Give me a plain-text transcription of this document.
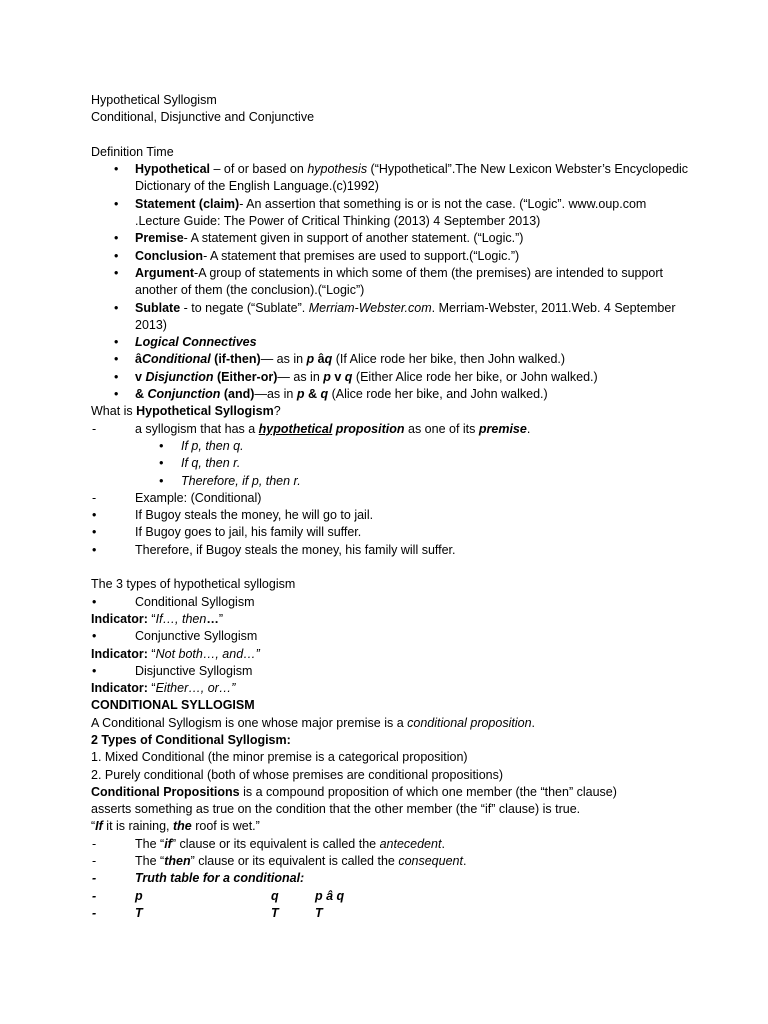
Hypothetical Syllogism
Conditional, Disjunctive and Conjunctive
Definition Time
• Hypothetical – of or based on hypothesis (“Hypothetical”.The New Lexicon Webster’s Encyclopedic Dictionary of the English Language.(c)1992)
• Statement (claim)- An assertion that something is or is not the case. (“Logic”. www.oup.com .Lecture Guide: The Power of Critical Thinking (2013) 4 September 2013)
• Premise- A statement given in support of another statement. (“Logic.”)
• Conclusion- A statement that premises are used to support.(“Logic.”)
• Argument-A group of statements in which some of them (the premises) are intended to support another of them (the conclusion).(“Logic”)
• Sublate - to negate (“Sublate”. Merriam-Webster.com. Merriam-Webster, 2011.Web. 4 September 2013)
• Logical Connectives
• âConditional (if-then)— as in p âq (If Alice rode her bike, then John walked.)
• v Disjunction (Either-or)— as in p v q (Either Alice rode her bike, or John walked.)
• & Conjunction (and)—as in p & q (Alice rode her bike, and John walked.)
What is Hypothetical Syllogism?
- a syllogism that has a hypothetical proposition as one of its premise.
• If p, then q.
• If q, then r.
• Therefore, if p, then r.
- Example: (Conditional)
• If Bugoy steals the money, he will go to jail.
• If Bugoy goes to jail, his family will suffer.
• Therefore, if Bugoy steals the money, his family will suffer.
The 3 types of hypothetical syllogism
• Conditional Syllogism
Indicator: “If…, then…”
• Conjunctive Syllogism
Indicator: “Not both…, and…”
• Disjunctive Syllogism
Indicator: “Either…, or…”
CONDITIONAL SYLLOGISM
A Conditional Syllogism is one whose major premise is a conditional proposition.
2 Types of Conditional Syllogism:
1. Mixed Conditional (the minor premise is a categorical proposition)
2. Purely conditional (both of whose premises are conditional propositions)
Conditional Propositions is a compound proposition of which one member (the “then” clause)
asserts something as true on the condition that the other member (the “if” clause) is true.
“If it is raining, the roof is wet.”
- The “if” clause or its equivalent is called the antecedent.
- The “then” clause or its equivalent is called the consequent.
- Truth table for a conditional:
- p	q	p â q
- T	T	T
